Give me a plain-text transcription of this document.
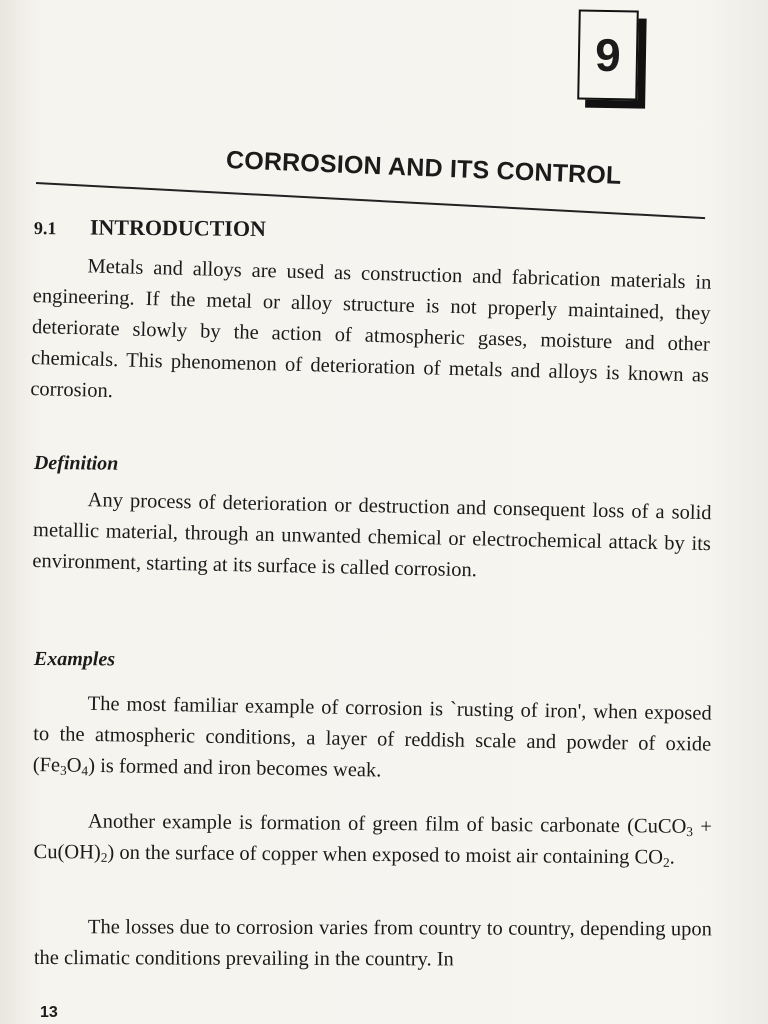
9
CORROSION AND ITS CONTROL
9.1 INTRODUCTION
Metals and alloys are used as construction and fabrication materials in engineering. If the metal or alloy structure is not properly maintained, they deteriorate slowly by the action of atmospheric gases, moisture and other chemicals. This phenomenon of deterioration of metals and alloys is known as corrosion.
Definition
Any process of deterioration or destruction and consequent loss of a solid metallic material, through an unwanted chemical or electrochemical attack by its environment, starting at its surface is called corrosion.
Examples
The most familiar example of corrosion is `rusting of iron', when exposed to the atmospheric conditions, a layer of reddish scale and powder of oxide $(Fe_3O_4)$ is formed and iron becomes weak.
Another example is formation of green film of basic carbonate (CuCO$_3$ + $Cu(OH)_2$) on the surface of copper when exposed to moist air containing $CO_2$.
The losses due to corrosion varies from country to country, depending upon the climatic conditions prevailing in the country. In
13
